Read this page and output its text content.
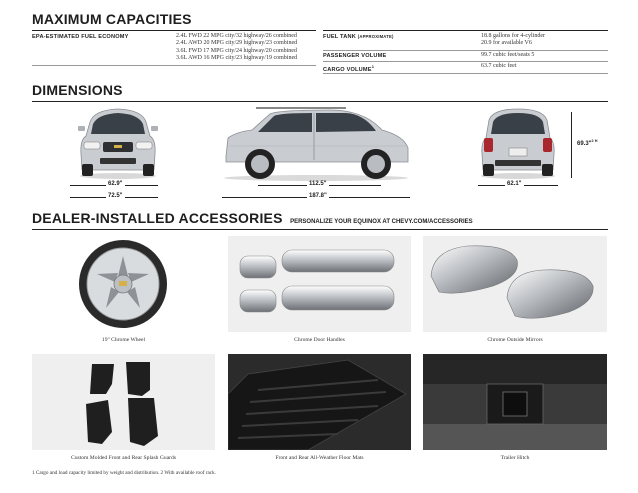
MAXIMUM CAPACITIES
EPA-ESTIMATED FUEL ECONOMY	2.4L FWD 22 MPG city/32 highway/26 combined
2.4L AWD 20 MPG city/29 highway/23 combined
3.6L FWD 17 MPG city/24 highway/20 combined
3.6L AWD 16 MPG city/23 highway/19 combined
FUEL TANK (APPROXIMATE)	18.8 gallons for 4-cylinder
20.9 for available V6
PASSENGER VOLUME	99.7 cubic feet/seats 5
CARGO VOLUME$^1$	63.7 cubic feet
DIMENSIONS
62.9"
72.5"
112.5"
187.8"
62.1"
69.3"$^{2 H}$
DEALER-INSTALLED ACCESSORIES PERSONALIZE YOUR EQUINOX AT CHEVY.COM/ACCESSORIES
19" Chrome Wheel	Chrome Door Handles	Chrome Outside Mirrors
Custom Molded Front and Rear Splash Guards	Front and Rear All-Weather Floor Mats	Trailer Hitch
1 Cargo and load capacity limited by weight and distribution. 2 With available roof rack.
